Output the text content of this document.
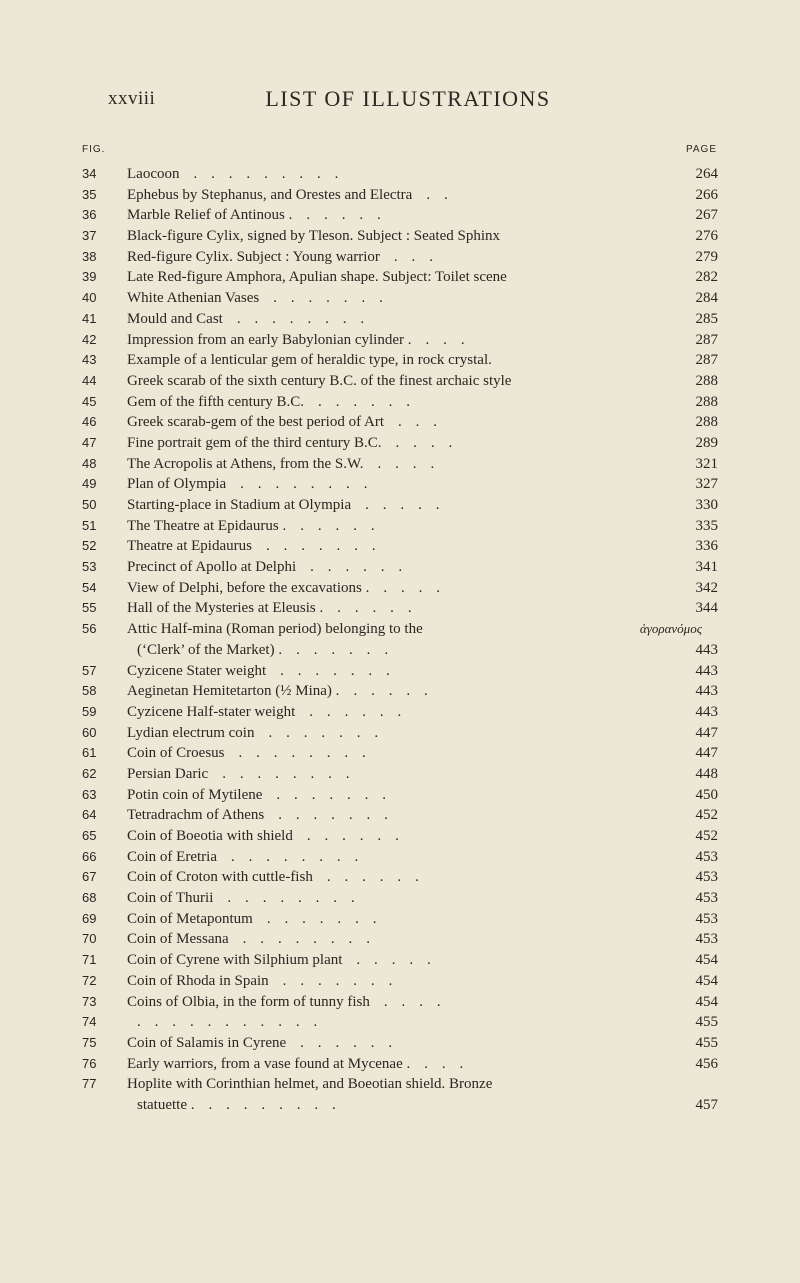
xxviii	LIST OF ILLUSTRATIONS
FIG.	PAGE
34	Laocoon . . . . . . . . .	264
35	Ephebus by Stephanus, and Orestes and Electra . .	266
36	Marble Relief of Antinous . . . . . .	267
37	Black-figure Cylix, signed by Tleson. Subject : Seated Sphinx	276
38	Red-figure Cylix. Subject : Young warrior . . .	279
39	Late Red-figure Amphora, Apulian shape. Subject: Toilet scene	282
40	White Athenian Vases . . . . . . .	284
41	Mould and Cast . . . . . . . .	285
42	Impression from an early Babylonian cylinder . . . .	287
43	Example of a lenticular gem of heraldic type, in rock crystal.	287
44	Greek scarab of the sixth century B.C. of the finest archaic style	288
45	Gem of the fifth century B.C. . . . . . .	288
46	Greek scarab-gem of the best period of Art . . .	288
47	Fine portrait gem of the third century B.C. . . . .	289
48	The Acropolis at Athens, from the S.W. . . . .	321
49	Plan of Olympia . . . . . . . .	327
50	Starting-place in Stadium at Olympia . . . . .	330
51	The Theatre at Epidaurus . . . . . .	335
52	Theatre at Epidaurus . . . . . . .	336
53	Precinct of Apollo at Delphi . . . . . .	341
54	View of Delphi, before the excavations . . . . .	342
55	Hall of the Mysteries at Eleusis . . . . . .	344
56	Attic Half-mina (Roman period) belonging to the	ἀγορανόμος
(‘Clerk’ of the Market) . . . . . . .	443
57	Cyzicene Stater weight . . . . . . .	443
58	Aeginetan Hemitetarton (½ Mina) . . . . . .	443
59	Cyzicene Half-stater weight . . . . . .	443
60	Lydian electrum coin . . . . . . .	447
61	Coin of Croesus . . . . . . . .	447
62	Persian Daric . . . . . . . .	448
63	Potin coin of Mytilene . . . . . . .	450
64	Tetradrachm of Athens . . . . . . .	452
65	Coin of Boeotia with shield . . . . . .	452
66	Coin of Eretria . . . . . . . .	453
67	Coin of Croton with cuttle-fish . . . . . .	453
68	Coin of Thurii . . . . . . . .	453
69	Coin of Metapontum . . . . . . .	453
70	Coin of Messana . . . . . . . .	453
71	Coin of Cyrene with Silphium plant . . . . .	454
72	Coin of Rhoda in Spain . . . . . . .	454
73	Coins of Olbia, in the form of tunny fish . . . .	454
74	. . . . . . . . . . .	455
75	Coin of Salamis in Cyrene . . . . . .	455
76	Early warriors, from a vase found at Mycenae . . . .	456
77	Hoplite with Corinthian helmet, and Boeotian shield. Bronze
statuette . . . . . . . . .	457
